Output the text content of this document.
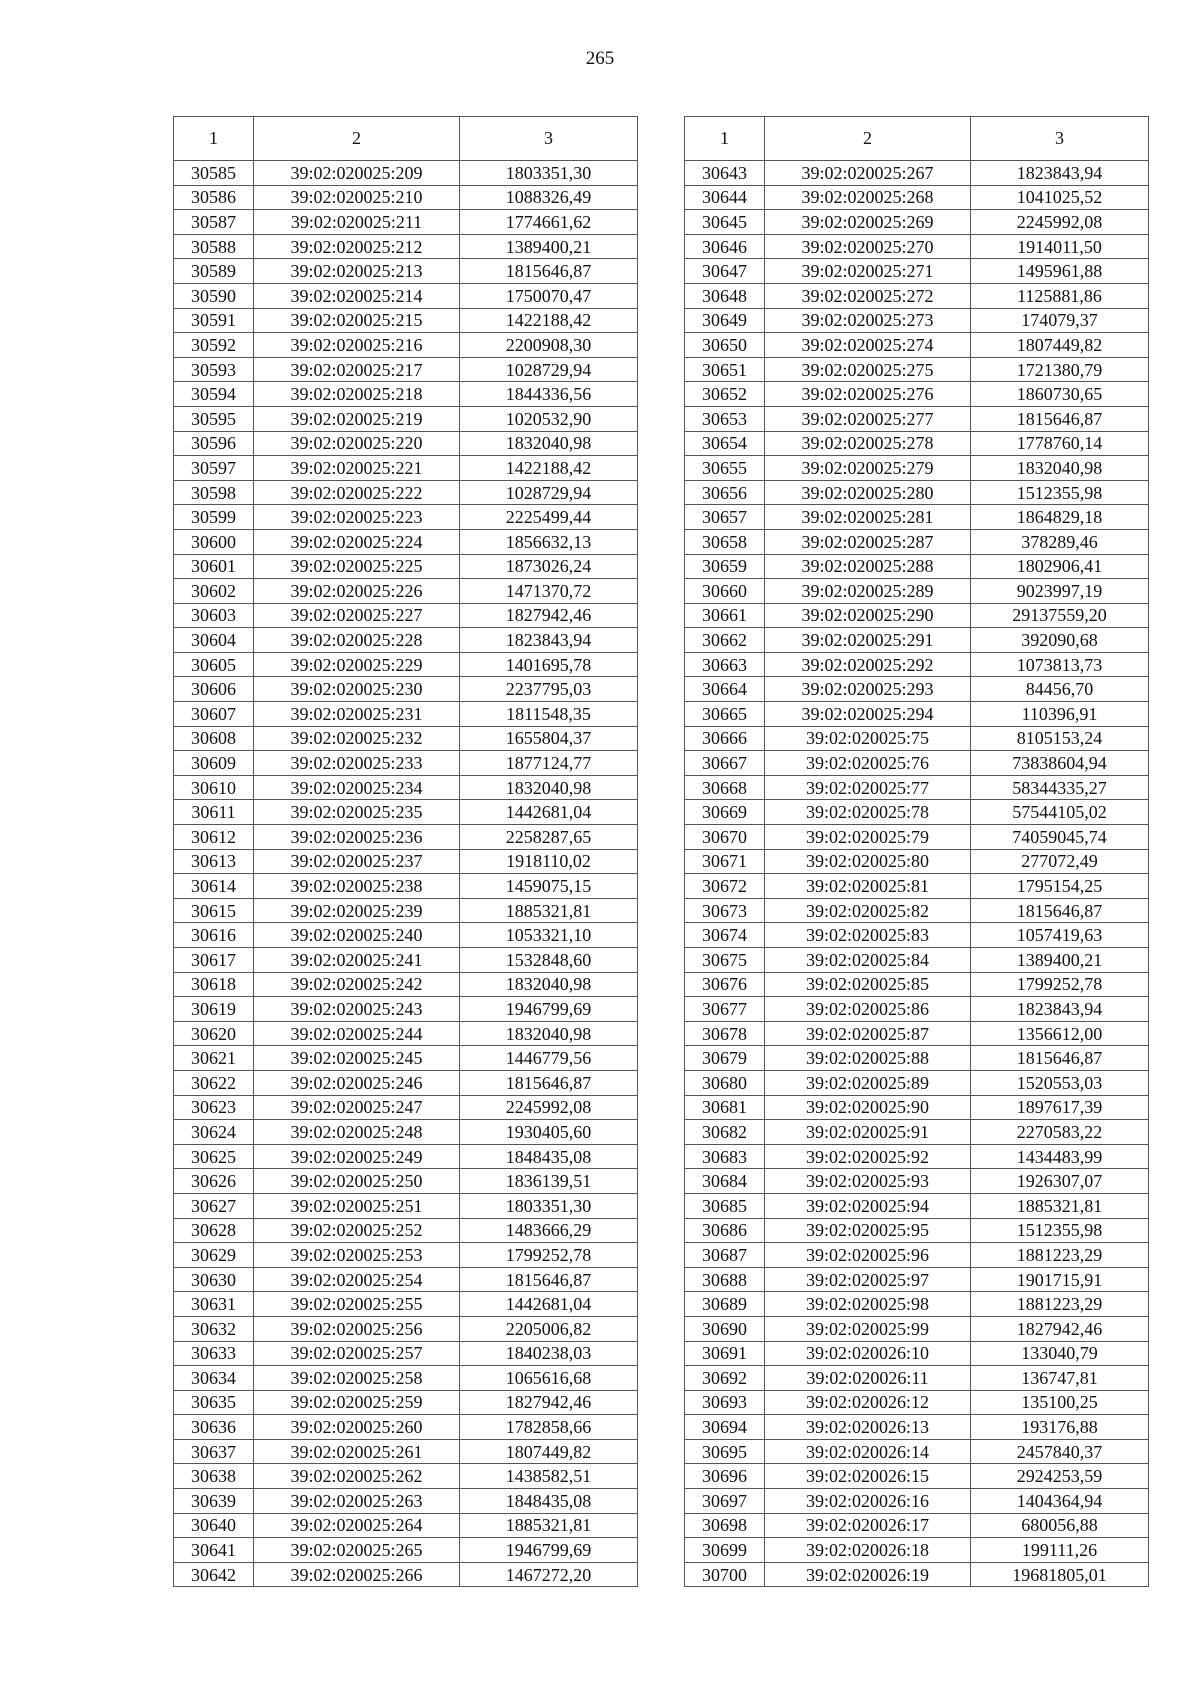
265
1	2	3
30585	39:02:020025:209	1803351,30
30586	39:02:020025:210	1088326,49
30587	39:02:020025:211	1774661,62
30588	39:02:020025:212	1389400,21
30589	39:02:020025:213	1815646,87
30590	39:02:020025:214	1750070,47
30591	39:02:020025:215	1422188,42
30592	39:02:020025:216	2200908,30
30593	39:02:020025:217	1028729,94
30594	39:02:020025:218	1844336,56
30595	39:02:020025:219	1020532,90
30596	39:02:020025:220	1832040,98
30597	39:02:020025:221	1422188,42
30598	39:02:020025:222	1028729,94
30599	39:02:020025:223	2225499,44
30600	39:02:020025:224	1856632,13
30601	39:02:020025:225	1873026,24
30602	39:02:020025:226	1471370,72
30603	39:02:020025:227	1827942,46
30604	39:02:020025:228	1823843,94
30605	39:02:020025:229	1401695,78
30606	39:02:020025:230	2237795,03
30607	39:02:020025:231	1811548,35
30608	39:02:020025:232	1655804,37
30609	39:02:020025:233	1877124,77
30610	39:02:020025:234	1832040,98
30611	39:02:020025:235	1442681,04
30612	39:02:020025:236	2258287,65
30613	39:02:020025:237	1918110,02
30614	39:02:020025:238	1459075,15
30615	39:02:020025:239	1885321,81
30616	39:02:020025:240	1053321,10
30617	39:02:020025:241	1532848,60
30618	39:02:020025:242	1832040,98
30619	39:02:020025:243	1946799,69
30620	39:02:020025:244	1832040,98
30621	39:02:020025:245	1446779,56
30622	39:02:020025:246	1815646,87
30623	39:02:020025:247	2245992,08
30624	39:02:020025:248	1930405,60
30625	39:02:020025:249	1848435,08
30626	39:02:020025:250	1836139,51
30627	39:02:020025:251	1803351,30
30628	39:02:020025:252	1483666,29
30629	39:02:020025:253	1799252,78
30630	39:02:020025:254	1815646,87
30631	39:02:020025:255	1442681,04
30632	39:02:020025:256	2205006,82
30633	39:02:020025:257	1840238,03
30634	39:02:020025:258	1065616,68
30635	39:02:020025:259	1827942,46
30636	39:02:020025:260	1782858,66
30637	39:02:020025:261	1807449,82
30638	39:02:020025:262	1438582,51
30639	39:02:020025:263	1848435,08
30640	39:02:020025:264	1885321,81
30641	39:02:020025:265	1946799,69
30642	39:02:020025:266	1467272,20
1	2	3
30643	39:02:020025:267	1823843,94
30644	39:02:020025:268	1041025,52
30645	39:02:020025:269	2245992,08
30646	39:02:020025:270	1914011,50
30647	39:02:020025:271	1495961,88
30648	39:02:020025:272	1125881,86
30649	39:02:020025:273	174079,37
30650	39:02:020025:274	1807449,82
30651	39:02:020025:275	1721380,79
30652	39:02:020025:276	1860730,65
30653	39:02:020025:277	1815646,87
30654	39:02:020025:278	1778760,14
30655	39:02:020025:279	1832040,98
30656	39:02:020025:280	1512355,98
30657	39:02:020025:281	1864829,18
30658	39:02:020025:287	378289,46
30659	39:02:020025:288	1802906,41
30660	39:02:020025:289	9023997,19
30661	39:02:020025:290	29137559,20
30662	39:02:020025:291	392090,68
30663	39:02:020025:292	1073813,73
30664	39:02:020025:293	84456,70
30665	39:02:020025:294	110396,91
30666	39:02:020025:75	8105153,24
30667	39:02:020025:76	73838604,94
30668	39:02:020025:77	58344335,27
30669	39:02:020025:78	57544105,02
30670	39:02:020025:79	74059045,74
30671	39:02:020025:80	277072,49
30672	39:02:020025:81	1795154,25
30673	39:02:020025:82	1815646,87
30674	39:02:020025:83	1057419,63
30675	39:02:020025:84	1389400,21
30676	39:02:020025:85	1799252,78
30677	39:02:020025:86	1823843,94
30678	39:02:020025:87	1356612,00
30679	39:02:020025:88	1815646,87
30680	39:02:020025:89	1520553,03
30681	39:02:020025:90	1897617,39
30682	39:02:020025:91	2270583,22
30683	39:02:020025:92	1434483,99
30684	39:02:020025:93	1926307,07
30685	39:02:020025:94	1885321,81
30686	39:02:020025:95	1512355,98
30687	39:02:020025:96	1881223,29
30688	39:02:020025:97	1901715,91
30689	39:02:020025:98	1881223,29
30690	39:02:020025:99	1827942,46
30691	39:02:020026:10	133040,79
30692	39:02:020026:11	136747,81
30693	39:02:020026:12	135100,25
30694	39:02:020026:13	193176,88
30695	39:02:020026:14	2457840,37
30696	39:02:020026:15	2924253,59
30697	39:02:020026:16	1404364,94
30698	39:02:020026:17	680056,88
30699	39:02:020026:18	199111,26
30700	39:02:020026:19	19681805,01
